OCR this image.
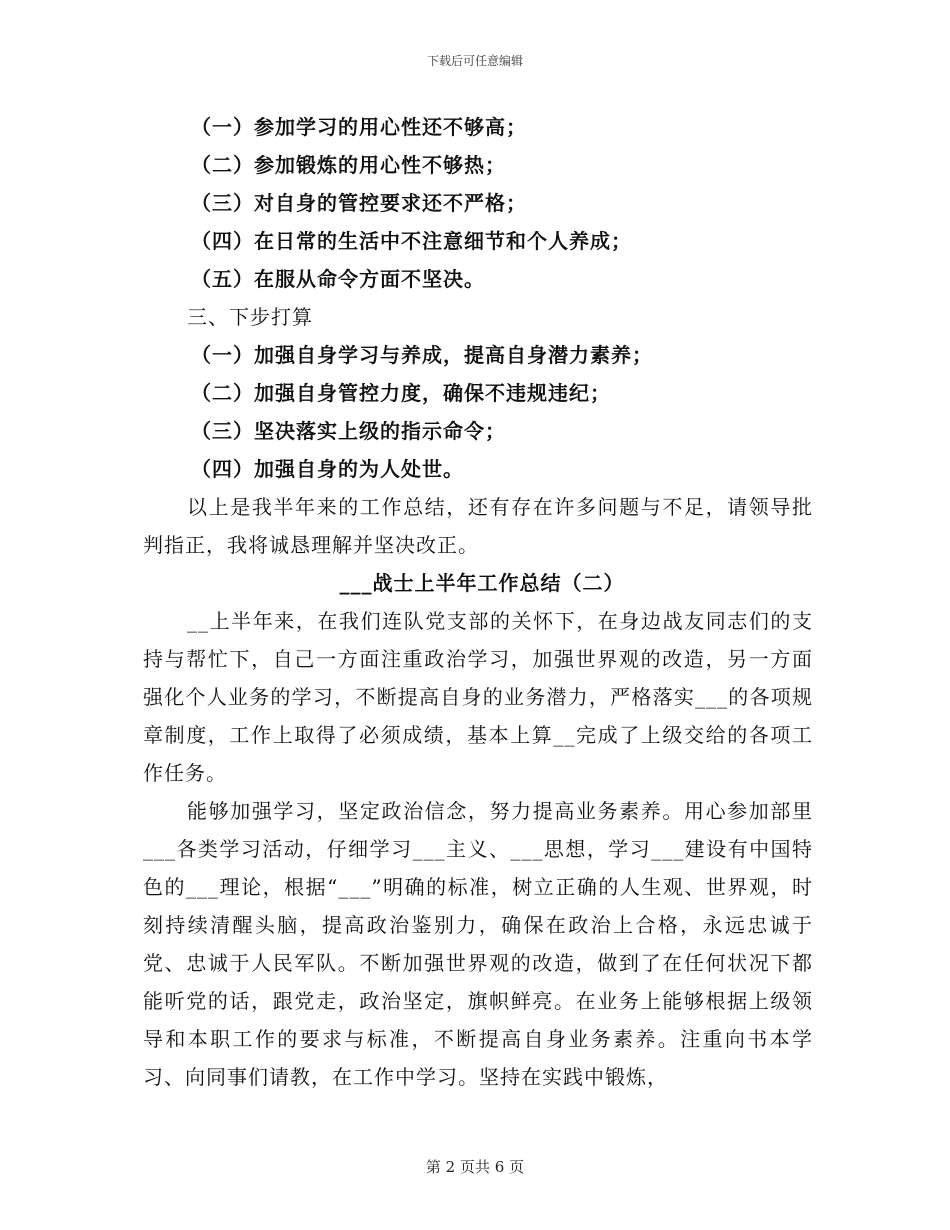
下载后可任意编辑

（一）参加学习的用心性还不够高；

（二）参加锻炼的用心性不够热；

（三）对自身的管控要求还不严格；

（四）在日常的生活中不注意细节和个人养成；

（五）在服从命令方面不坚决。

三、下步打算

（一）加强自身学习与养成，提高自身潜力素养；

（二）加强自身管控力度，确保不违规违纪；

（三）坚决落实上级的指示命令；

（四）加强自身的为人处世。

以上是我半年来的工作总结，还有存在许多问题与不足，请领导批判指正，我将诚恳理解并坚决改正。

___战士上半年工作总结（二）

__上半年来，在我们连队党支部的关怀下，在身边战友同志们的支持与帮忙下，自己一方面注重政治学习，加强世界观的改造，另一方面强化个人业务的学习，不断提高自身的业务潜力，严格落实___的各项规章制度，工作上取得了必须成绩，基本上算__完成了上级交给的各项工作任务。

能够加强学习，坚定政治信念，努力提高业务素养。用心参加部里___各类学习活动，仔细学习___主义、___思想，学习___建设有中国特色的___理论，根据“___”明确的标准，树立正确的人生观、世界观，时刻持续清醒头脑，提高政治鉴别力，确保在政治上合格，永远忠诚于党、忠诚于人民军队。不断加强世界观的改造，做到了在任何状况下都能听党的话，跟党走，政治坚定，旗帜鲜亮。在业务上能够根据上级领导和本职工作的要求与标准，不断提高自身业务素养。注重向书本学习、向同事们请教，在工作中学习。坚持在实践中锻炼，

第 2 页共 6 页
